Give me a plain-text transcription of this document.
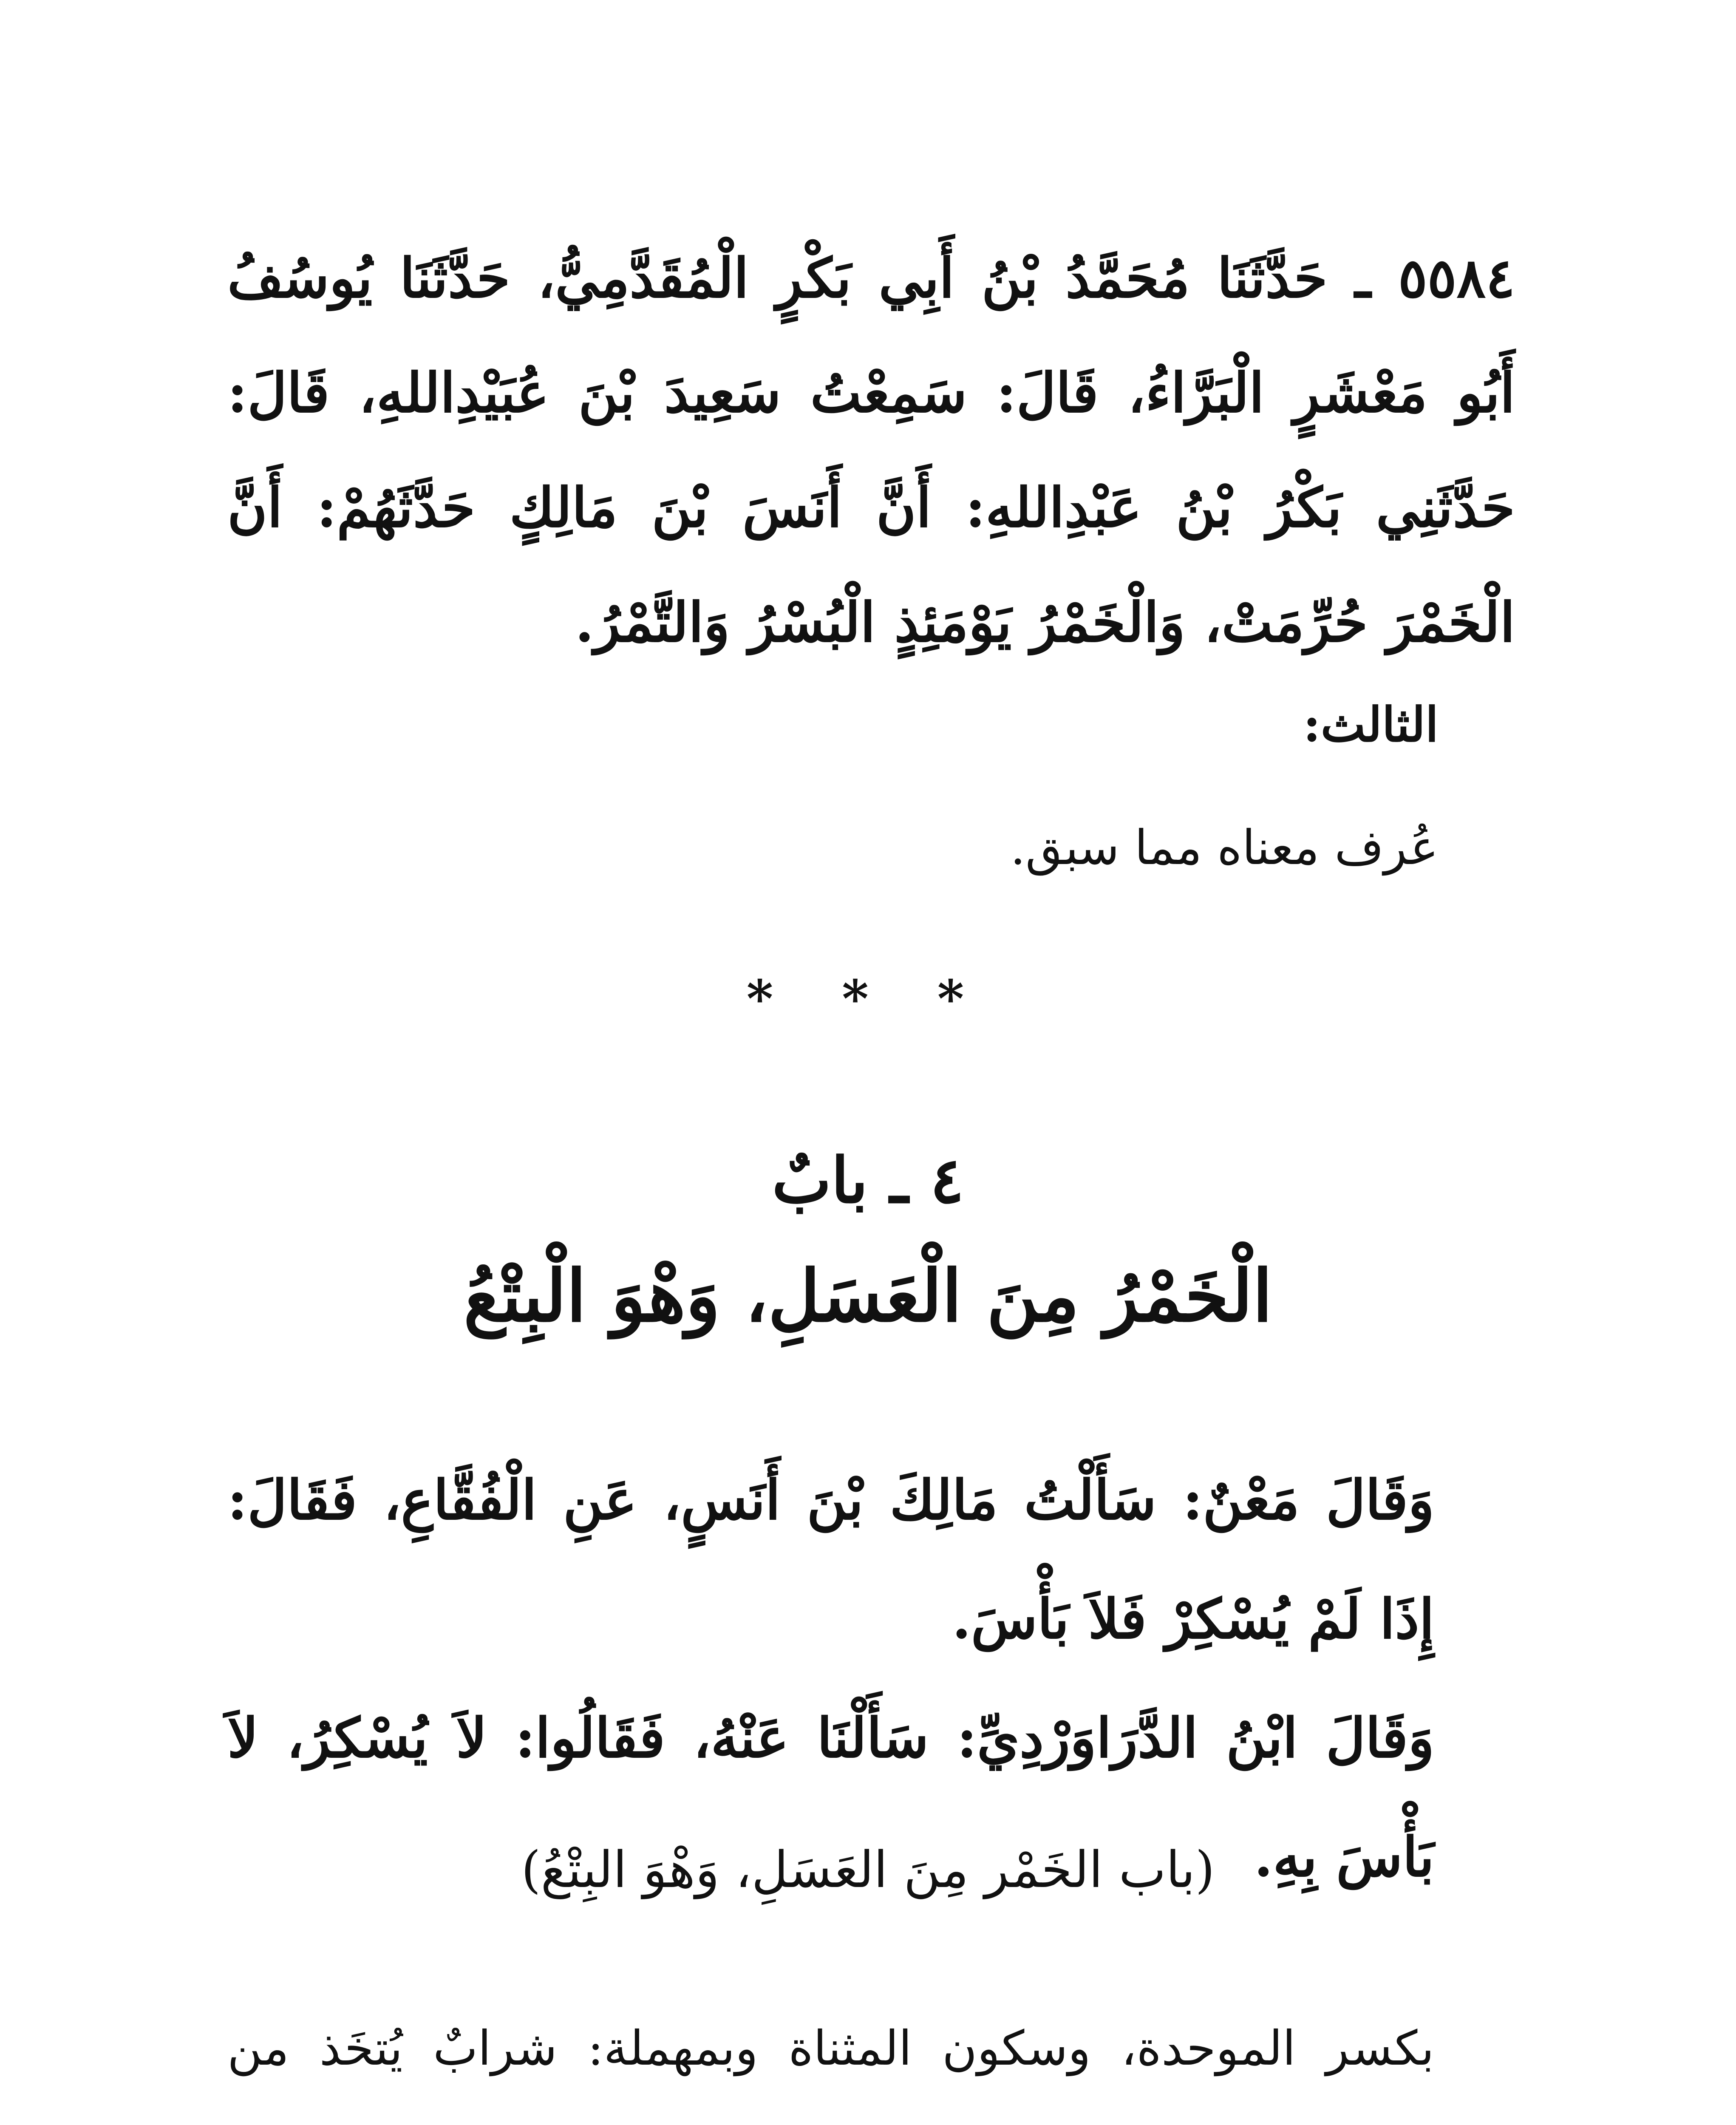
٥٥٨٤ ـ حَدَّثَنَا مُحَمَّدُ بْنُ أَبِي بَكْرٍ الْمُقَدَّمِيُّ، حَدَّثَنَا يُوسُفُ أَبُو مَعْشَرٍ الْبَرَّاءُ، قَالَ: سَمِعْتُ سَعِيدَ بْنَ عُبَيْدِاللهِ، قَالَ: حَدَّثَنِي بَكْرُ بْنُ عَبْدِاللهِ: أَنَّ أَنَسَ بْنَ مَالِكٍ حَدَّثَهُمْ: أَنَّ الْخَمْرَ حُرِّمَتْ، وَالْخَمْرُ يَوْمَئِذٍ الْبُسْرُ وَالتَّمْرُ.

الثالث:
عُرف معناه مما سبق.
* * *
٤ ـ بابٌ
الْخَمْرُ مِنَ الْعَسَلِ، وَهْوَ الْبِتْعُ

وَقَالَ مَعْنٌ: سَأَلْتُ مَالِكَ بْنَ أَنَسٍ، عَنِ الْفُقَّاعِ، فَقَالَ: إِذَا لَمْ يُسْكِرْ فَلاَ بَأْسَ.

وَقَالَ ابْنُ الدَّرَاوَرْدِيِّ: سَأَلْنَا عَنْهُ، فَقَالُوا: لاَ يُسْكِرُ، لاَ بَأْسَ بِهِ.

(باب الخَمْر مِنَ العَسَلِ، وَهْوَ البِتْعُ)

بكسر الموحدة، وسكون المثناة وبمهملة: شرابٌ يُتخَذ من
